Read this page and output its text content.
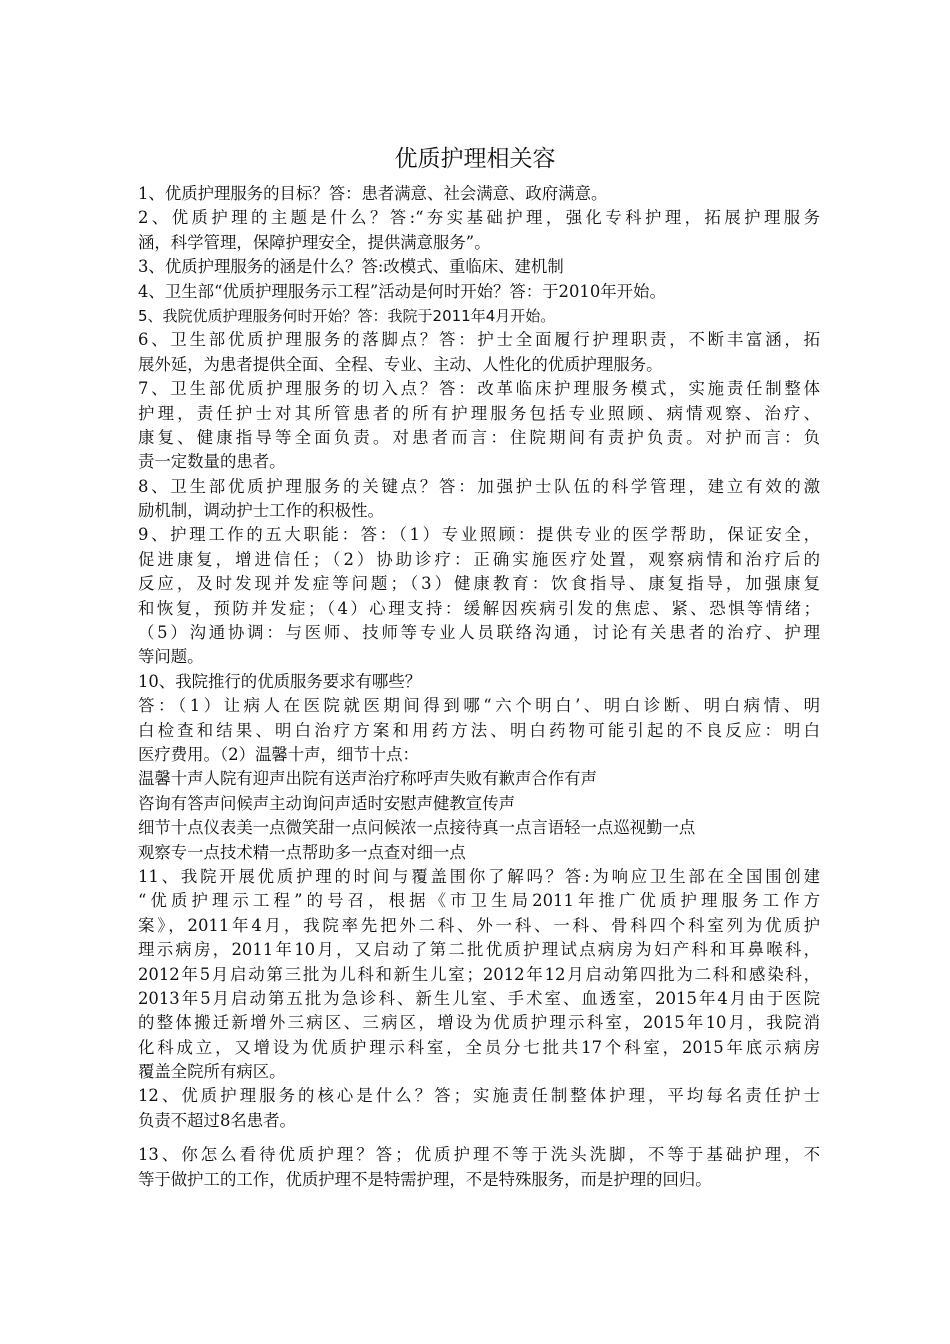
优质护理相关容
1、优质护理服务的目标？答：患者满意、社会满意、政府满意。
2、优质护理的主题是什么？答:“夯实基础护理，强化专科护理，拓展护理服务
涵，科学管理，保障护理安全，提供满意服务”。
3、优质护理服务的涵是什么？答:改模式、重临床、建机制
4、卫生部“优质护理服务示工程”活动是何时开始？答：于2010年开始。
5、我院优质护理服务何时开始？答：我院于2011年4月开始。
6、卫生部优质护理服务的落脚点？答：护士全面履行护理职责，不断丰富涵，拓
展外延，为患者提供全面、全程、专业、主动、人性化的优质护理服务。
7、卫生部优质护理服务的切入点？答：改革临床护理服务模式，实施责任制整体
护理，责任护士对其所管患者的所有护理服务包括专业照顾、病情观察、治疗、
康复、健康指导等全面负责。对患者而言：住院期间有责护负责。对护而言：负
责一定数量的患者。
8、卫生部优质护理服务的关键点？答：加强护士队伍的科学管理，建立有效的激
励机制，调动护士工作的积极性。
9、护理工作的五大职能：答：（1）专业照顾：提供专业的医学帮助，保证安全，
促进康复，增进信任；（2）协助诊疗：正确实施医疗处置，观察病情和治疗后的
反应，及时发现并发症等问题；（3）健康教育：饮食指导、康复指导，加强康复
和恢复，预防并发症；（4）心理支持：缓解因疾病引发的焦虑、紧、恐惧等情绪；
（5）沟通协调：与医师、技师等专业人员联络沟通，讨论有关患者的治疗、护理
等问题。
10、我院推行的优质服务要求有哪些？
答：（1）让病人在医院就医期间得到哪“六个明白’、明白诊断、明白病情、明
白检查和结果、明白治疗方案和用药方法、明白药物可能引起的不良反应：明白
医疗费用。（2）温馨十声，细节十点：
温馨十声人院有迎声出院有送声治疗称呼声失败有歉声合作有声
咨询有答声问候声主动询问声适时安慰声健教宣传声
细节十点仪表美一点微笑甜一点问候浓一点接待真一点言语轻一点巡视勤一点
观察专一点技术精一点帮助多一点查对细一点
11、我院开展优质护理的时间与覆盖围你了解吗？答:为响应卫生部在全国围创建
“优质护理示工程”的号召，根据《市卫生局2011年推广优质护理服务工作方
案》，2011年4月，我院率先把外二科、外一科、一科、骨科四个科室列为优质护
理示病房，2011年10月，又启动了第二批优质护理试点病房为妇产科和耳鼻喉科，
2012年5月启动第三批为儿科和新生儿室；2012年12月启动第四批为二科和感染科，
2013年5月启动第五批为急诊科、新生儿室、手术室、血透室，2015年4月由于医院
的整体搬迁新增外三病区、三病区，增设为优质护理示科室，2015年10月，我院消
化科成立，又增设为优质护理示科室，全员分七批共17个科室，2015年底示病房
覆盖全院所有病区。
12、优质护理服务的核心是什么？答；实施责任制整体护理，平均每名责任护士
负责不超过8名患者。
13、你怎么看待优质护理？答；优质护理不等于洗头洗脚，不等于基础护理，不
等于做护工的工作，优质护理不是特需护理，不是特殊服务，而是护理的回归。
